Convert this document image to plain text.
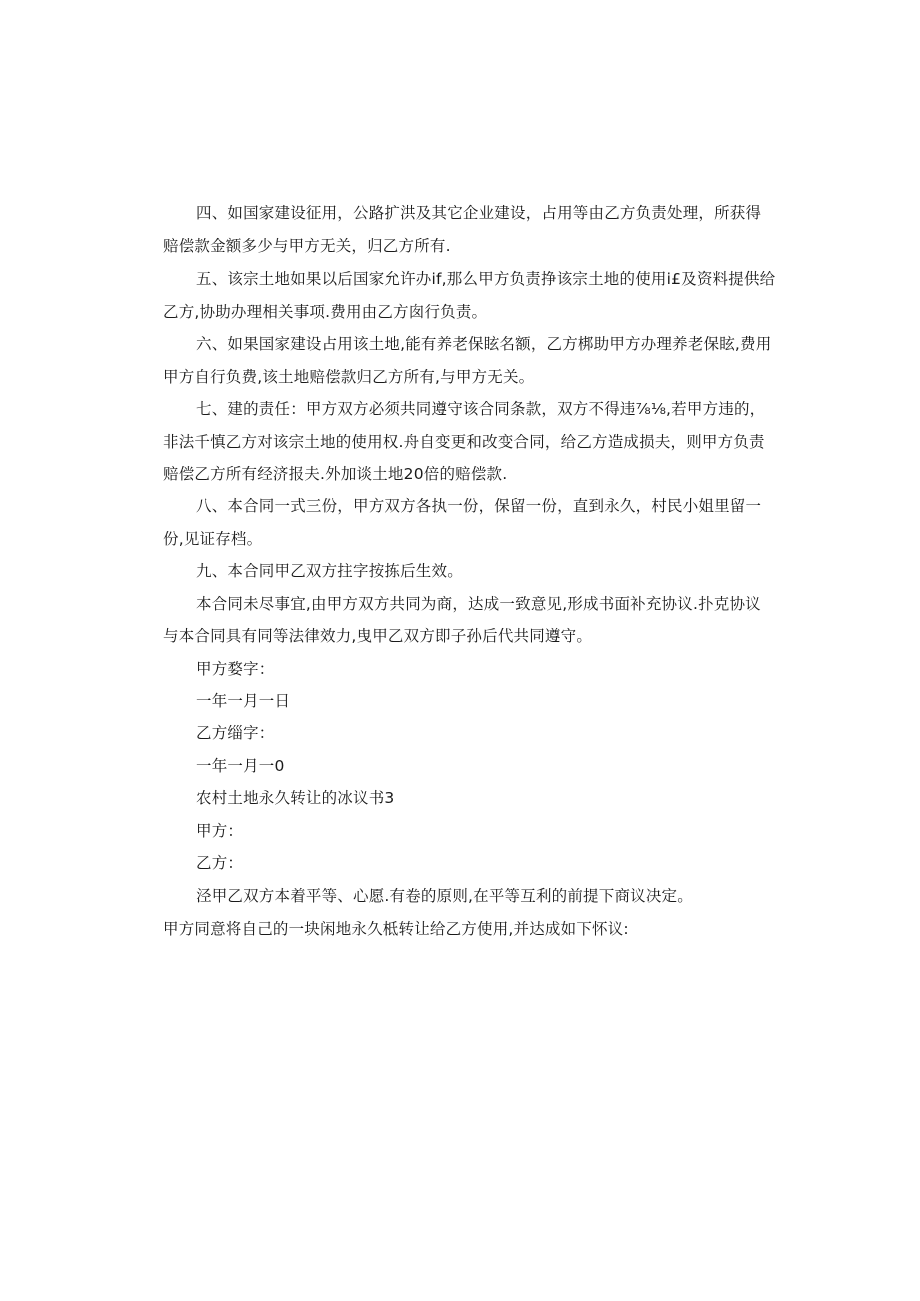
四、如国家建设征用，公路扩洪及其它企业建设，占用等由乙方负责处理，所获得
赔偿款金额多少与甲方无关，归乙方所有.
五、该宗土地如果以后国家允许办if,那么甲方负责挣该宗土地的使用i£及资料提供给
乙方,协助办理相关事项.费用由乙方囱行负责。
六、如果国家建设占用该土地,能有养老保眩名额，乙方梆助甲方办理养老保眩,费用
甲方自行负费,该土地赔偿款归乙方所有,与甲方无关。
七、建的责任：甲方双方必须共同遵守该合同条款，双方不得违⅞⅛,若甲方违的，
非法千慎乙方对该宗土地的使用权.舟自变更和改变合同，给乙方造成损夫，则甲方负责
赔偿乙方所有经济报夫.外加谈土地20倍的赔偿款.
八、本合同一式三份，甲方双方各执一份，保留一份，直到永久，村民小姐里留一
份,见证存档。
九、本合同甲乙双方拄字按拣后生效。
本合同未尽事宜,由甲方双方共同为商，达成一致意见,形成书面补充协议.扑克协议
与本合同具有同等法律效力,曳甲乙双方即子孙后代共同遵守。
甲方婺字：
一年一月一日
乙方缁字：
一年一月一0
农村土地永久转让的冰议书3
甲方：
乙方：
泾甲乙双方本着平等、心愿.有卷的原则,在平等互利的前提下商议决定。
甲方同意将自己的一块闲地永久柢转让给乙方使用,并达成如下怀议:
